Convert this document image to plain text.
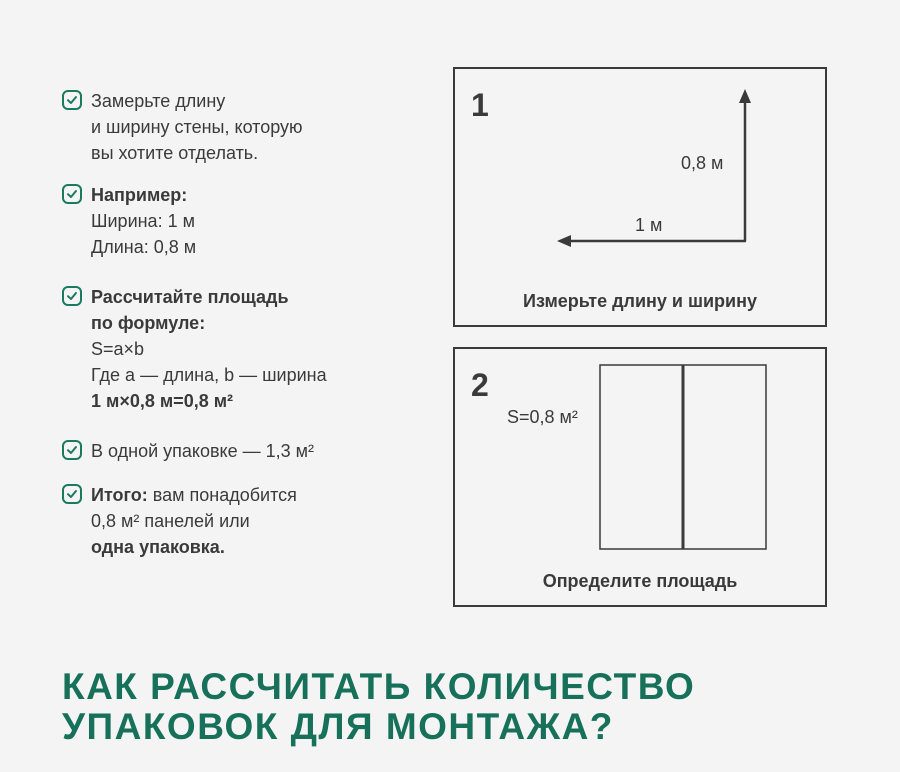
Замерьте длину
и ширину стены, которую
вы хотите отделать.
Например:
Ширина: 1 м
Длина: 0,8 м
Рассчитайте площадь
по формуле:
S=a×b
Где a — длина, b — ширина
1 м×0,8 м=0,8 м²
В одной упаковке — 1,3 м²
Итого: вам понадобится
0,8 м² панелей или
одна упаковка.
1
0,8 м
1 м
Измерьте длину и ширину
2
S=0,8 м²
Определите площадь
КАК РАССЧИТАТЬ КОЛИЧЕСТВО
УПАКОВОК ДЛЯ МОНТАЖА?
